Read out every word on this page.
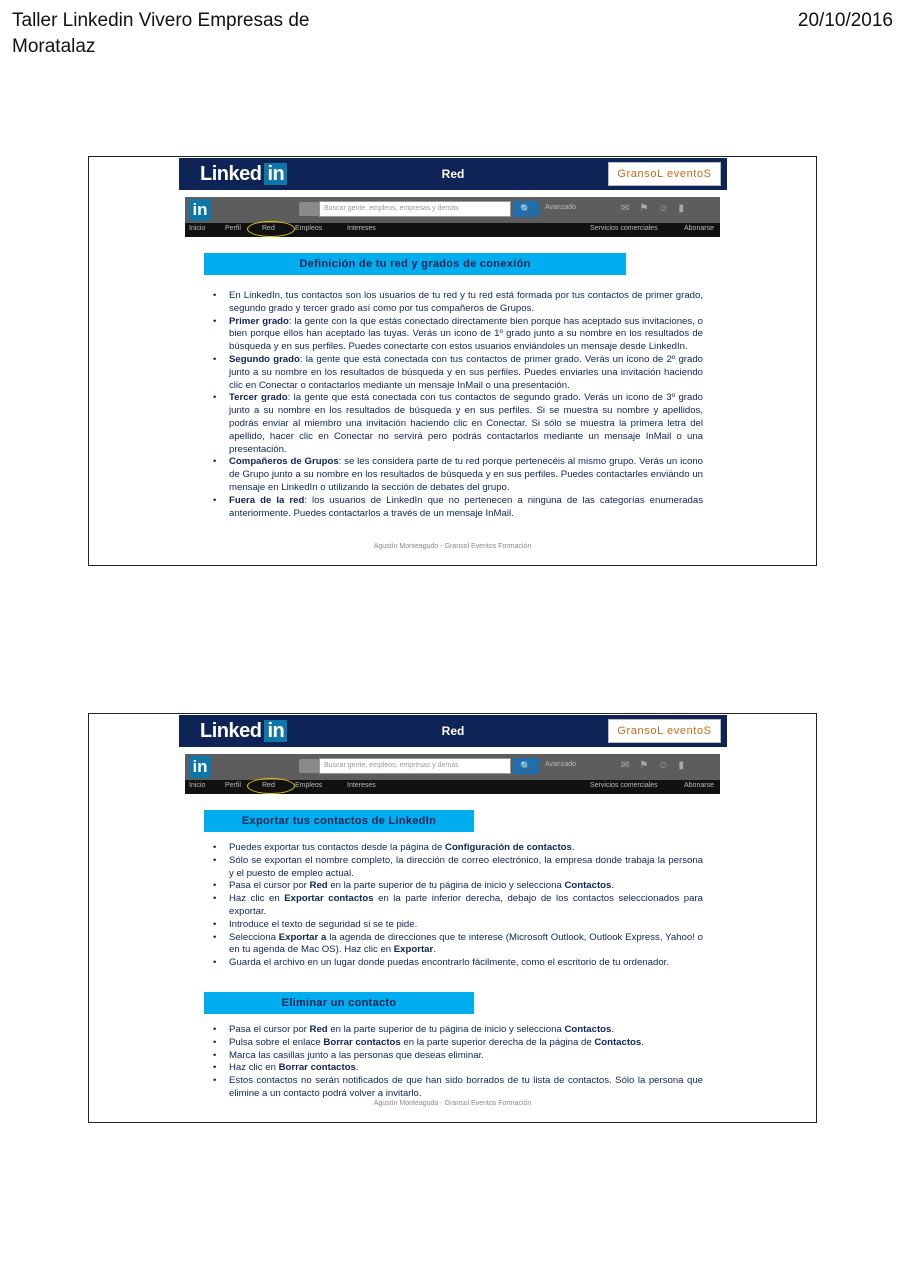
Taller Linkedin Vivero Empresas de Moratalaz
20/10/2016
Linked in	Red	GransoL eventoS
in	Buscar gente, empleos, empresas y demás	🔍	Avanzado	✉⚑☺▮
Inicio	Perfil	Red	Empleos	Intereses	Servicios comerciales	Abonarse
Definición de tu red y grados de conexión
• En LinkedIn, tus contactos son los usuarios de tu red y tu red está formada por tus contactos de primer grado, segundo grado y tercer grado así como por tus compañeros de Grupos.
• Primer grado: la gente con la que estás conectado directamente bien porque has aceptado sus invitaciones, o bien porque ellos han aceptado las tuyas. Verás un icono de 1º grado junto a su nombre en los resultados de búsqueda y en sus perfiles. Puedes conectarte con estos usuarios enviándoles un mensaje desde LinkedIn.
• Segundo grado: la gente que está conectada con tus contactos de primer grado. Verás un icono de 2º grado junto a su nombre en los resultados de búsqueda y en sus perfiles. Puedes enviarles una invitación haciendo clic en Conectar o contactarlos mediante un mensaje InMail o una presentación.
• Tercer grado: la gente que está conectada con tus contactos de segundo grado. Verás un icono de 3º grado junto a su nombre en los resultados de búsqueda y en sus perfiles. Si se muestra su nombre y apellidos, podrás enviar al miembro una invitación haciendo clic en Conectar. Si sólo se muestra la primera letra del apellido, hacer clic en Conectar no servirá pero podrás contactarlos mediante un mensaje InMail o una presentación.
• Compañeros de Grupos: se les considera parte de tu red porque pertenecéis al mismo grupo. Verás un icono de Grupo junto a su nombre en los resultados de búsqueda y en sus perfiles. Puedes contactarles enviándo un mensaje en LinkedIn o utilizando la sección de debates del grupo.
• Fuera de la red: los usuarios de LinkedIn que no pertenecen a ninguna de las categorías enumeradas anteriormente. Puedes contactarlos a través de un mensaje InMail.
Agustín Monteagudo - Gransol Eventos Formación
Linked in	Red	GransoL eventoS
in	Buscar gente, empleos, empresas y demás	🔍	Avanzado	✉⚑☺▮
Inicio	Perfil	Red	Empleos	Intereses	Servicios comerciales	Abonarse
Exportar tus contactos de LinkedIn
• Puedes exportar tus contactos desde la página de Configuración de contactos.
• Sólo se exportan el nombre completo, la dirección de correo electrónico, la empresa donde trabaja la persona y el puesto de empleo actual.
• Pasa el cursor por Red en la parte superior de tu página de inicio y selecciona Contactos.
• Haz clic en Exportar contactos en la parte inferior derecha, debajo de los contactos seleccionados para exportar.
• Introduce el texto de seguridad si se te pide.
• Selecciona Exportar a la agenda de direcciones que te interese (Microsoft Outlook, Outlook Express, Yahoo! o en tu agenda de Mac OS). Haz clic en Exportar.
• Guarda el archivo en un lugar donde puedas encontrarlo fácilmente, como el escritorio de tu ordenador.
Eliminar un contacto
• Pasa el cursor por Red en la parte superior de tu página de inicio y selecciona Contactos.
• Pulsa sobre el enlace Borrar contactos en la parte superior derecha de la página de Contactos.
• Marca las casillas junto a las personas que deseas eliminar.
• Haz clic en Borrar contactos.
• Estos contactos no serán notificados de que han sido borrados de tu lista de contactos. Sólo la persona que elimine a un contacto podrá volver a invitarlo.
Agustín Monteagudo - Gransol Eventos Formación
